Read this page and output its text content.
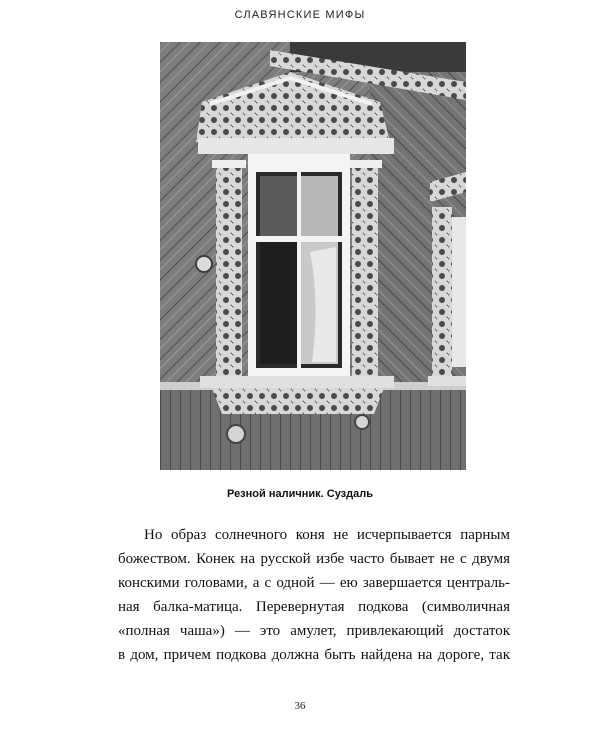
СЛАВЯНСКИЕ МИФЫ
Резной наличник. Суздаль
Но образ солнечного коня не исчерпывается парным
божеством. Конек на русской избе часто бывает не с двумя
конскими головами, а с одной — ею завершается централь-
ная балка-матица. Перевернутая подкова (символичная
«полная чаша») — это амулет, привлекающий достаток
в дом, причем подкова должна быть найдена на дороге, так
36
